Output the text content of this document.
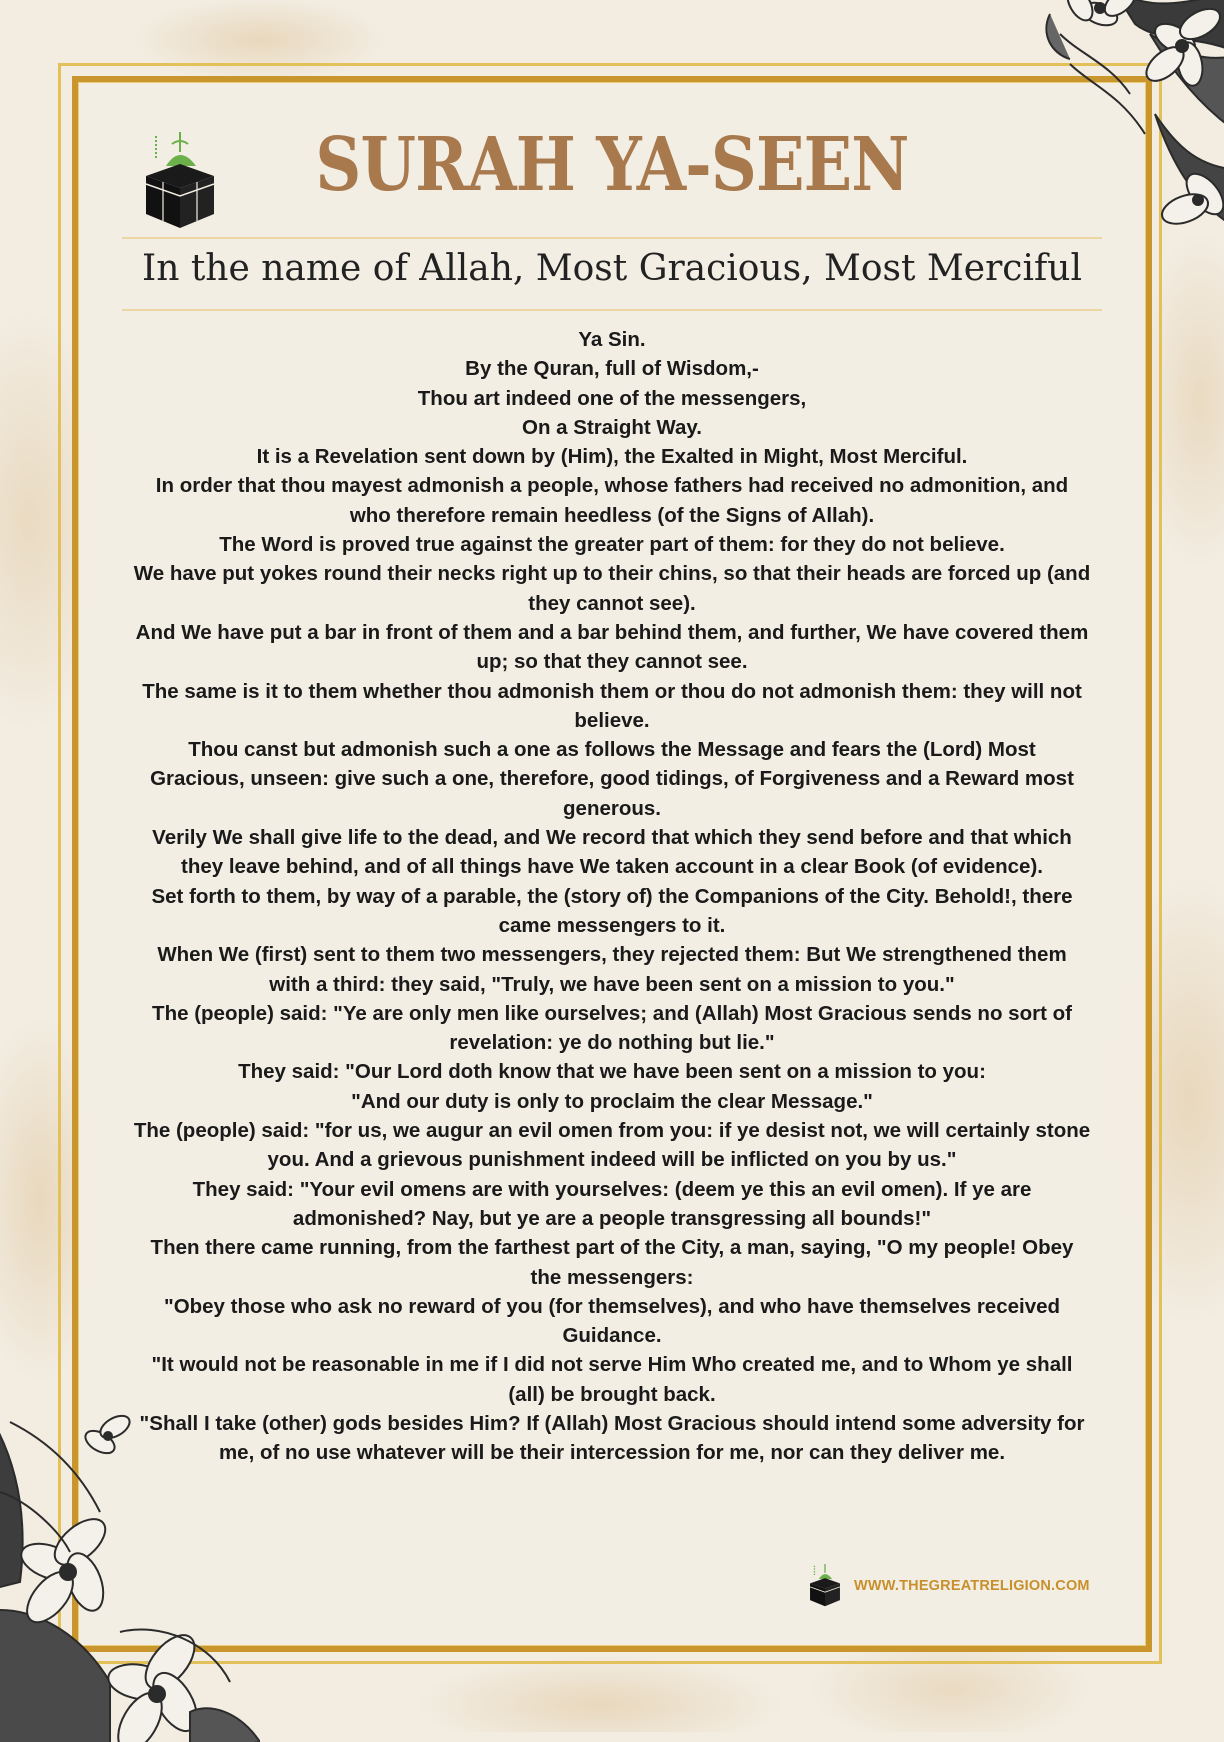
SURAH YA-SEEN
In the name of Allah, Most Gracious, Most Merciful
Ya Sin.
By the Quran, full of Wisdom,-
Thou art indeed one of the messengers,
On a Straight Way.
It is a Revelation sent down by (Him), the Exalted in Might, Most Merciful.
In order that thou mayest admonish a people, whose fathers had received no admonition, and who therefore remain heedless (of the Signs of Allah).
The Word is proved true against the greater part of them: for they do not believe.
We have put yokes round their necks right up to their chins, so that their heads are forced up (and they cannot see).
And We have put a bar in front of them and a bar behind them, and further, We have covered them up; so that they cannot see.
The same is it to them whether thou admonish them or thou do not admonish them: they will not believe.
Thou canst but admonish such a one as follows the Message and fears the (Lord) Most Gracious, unseen: give such a one, therefore, good tidings, of Forgiveness and a Reward most generous.
Verily We shall give life to the dead, and We record that which they send before and that which they leave behind, and of all things have We taken account in a clear Book (of evidence).
Set forth to them, by way of a parable, the (story of) the Companions of the City. Behold!, there came messengers to it.
When We (first) sent to them two messengers, they rejected them: But We strengthened them with a third: they said, "Truly, we have been sent on a mission to you."
The (people) said: "Ye are only men like ourselves; and (Allah) Most Gracious sends no sort of revelation: ye do nothing but lie."
They said: "Our Lord doth know that we have been sent on a mission to you:
"And our duty is only to proclaim the clear Message."
The (people) said: "for us, we augur an evil omen from you: if ye desist not, we will certainly stone you. And a grievous punishment indeed will be inflicted on you by us."
They said: "Your evil omens are with yourselves: (deem ye this an evil omen). If ye are admonished? Nay, but ye are a people transgressing all bounds!"
Then there came running, from the farthest part of the City, a man, saying, "O my people! Obey the messengers:
"Obey those who ask no reward of you (for themselves), and who have themselves received Guidance.
"It would not be reasonable in me if I did not serve Him Who created me, and to Whom ye shall (all) be brought back.
"Shall I take (other) gods besides Him? If (Allah) Most Gracious should intend some adversity for me, of no use whatever will be their intercession for me, nor can they deliver me.
WWW.THEGREATRELIGION.COM
